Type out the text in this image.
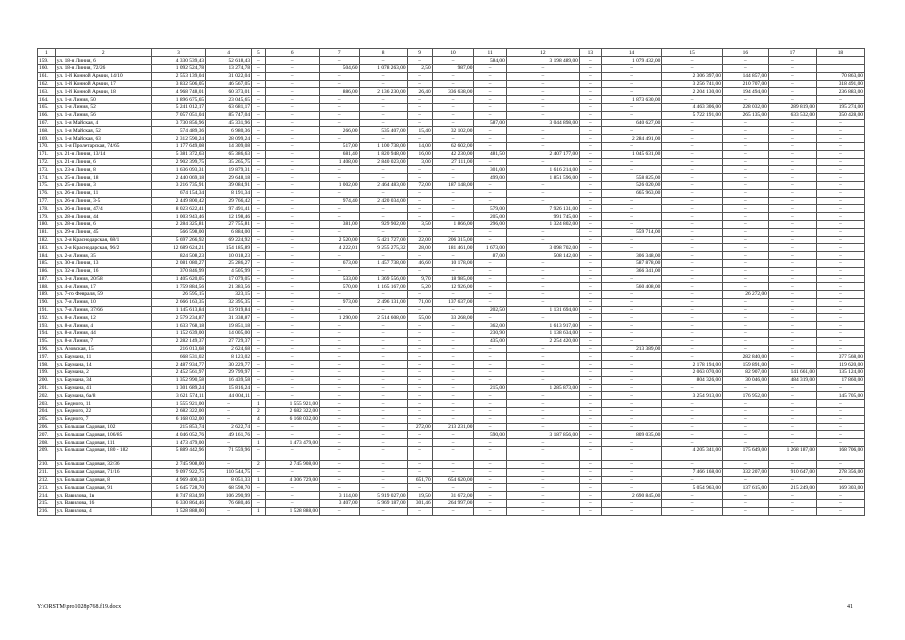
1	2	3	4	5	6	7	8	9	10	11	12	13	14	15	16	17	18
159.	ул. 18-я Линия, 6	4 330 539,43	52 618,43	–	–	–	–	–	–	584,00	3 198 489,00	–	1 079 432,00	–	–	–	
160.	ул. 18-я Линия, 72/26	1 092 524,78	13 274,78	–	–	504,60	1 078 263,00	2,50	987,00	–	–	–	–	–	–	–	
161.	ул. 1-й Конной Армии, 14/10	2 553 139,04	31 022,04	–	–	–	–	–	–	–	–	–	–	2 306 397,00	144 857,00	–	70 863,00
162.	ул. 1-й Конной Армии, 17	3 832 506,05	46 567,05	–	–	–	–	–	–	–	–	–	–	3 256 741,00	210 707,00	–	318 491,00
163.	ул. 1-й Конной Армии, 18	4 968 748,01	60 373,01	–	–	886,00	2 136 230,00	26,40	336 638,00	–	–	–	–	2 204 130,00	194 494,00	–	236 883,00
164.	ул. 1-я Линия, 50	1 896 675,65	23 045,65	–	–	–	–	–	–	–	–	–	1 873 630,00	–	–	–	–
165.	ул. 1-я Линия, 52	5 241 012,17	63 681,17	–	–	–	–	–	–	–	–	–	–	4 463 306,00	228 032,00	289 819,00	195 274,00
166.	ул. 1-я Линия, 56	7 057 051,04	85 747,04	–	–	–	–	–	–	–	–	–	–	5 722 191,00	265 135,00	633 532,00	350 428,00
167.	ул. 1-я Майская, 4	3 730 856,96	45 331,96	–	–	–	–	–	–	587,00	3 044 898,00	–	640 627,00	–	–	–	–
168.	ул. 1-я Майская, 52	574 489,36	6 980,36	–	–	266,00	535 407,00	15,40	32 102,00	–	–	–	–	–	–	–	–
169.	ул. 1-я Майская, 63	2 312 590,24	28 099,24	–	–	–	–	–	–	–	–	–	2 284 491,00	–	–	–	–
170.	ул. 1-я Пролетарская, 74/65	1 177 649,08	14 309,08	–	–	517,00	1 100 738,00	14,00	62 602,00	–	–	–	–	–	–	–	–
171.	ул. 21-я Линия, 13/14	5 381 372,63	65 386,63	–	–	681,40	1 820 948,00	16,00	42 230,00	481,50	2 407 177,00	–	1 045 631,00	–	–	–	–
172.	ул. 21-я Линия, 6	2 902 399,75	35 265,75	–	–	1 408,00	2 840 023,00	3,00	27 111,00	–	–	–	–	–	–	–	–
173.	ул. 23-я Линия, 8	1 636 093,31	19 879,31	–	–	–	–	–	–	301,00	1 616 214,00	–	–	–	–	–	–
174.	ул. 25-я Линия, 18	2 440 069,18	29 648,18	–	–	–	–	–	–	499,00	1 851 596,00	–	558 825,00	–	–	–	–
175.	ул. 25-я Линия, 3	3 216 735,91	39 084,91	–	–	1 002,00	2 464 483,00	72,00	187 148,00	–	–	–	526 020,00	–	–	–	–
176.	ул. 26-я Линия, 11	674 154,34	8 191,34	–	–	–	–	–	–	–	–	–	665 963,00	–	–	–	–
177.	ул. 26-я Линия, 3-5	2 449 800,42	29 766,42	–	–	974,40	2 420 034,00	–	–	–	–	–	–	–	–	–	–
178.	ул. 26-я Линия, 47/4	8 023 622,41	97 491,41	–	–	–	–	–	–	579,00	7 926 131,00	–	–	–	–	–	–
179.	ул. 28-я Линия, 44	1 003 943,46	12 198,46	–	–	–	–	–	–	205,00	991 745,00	–	–	–	–	–	–
180.	ул. 28-я Линия, 6	2 284 325,81	27 755,81	–	–	381,00	929 902,00	3,50	1 866,00	296,00	1 324 802,00	–	–	–	–	–	–
181.	ул. 29-я Линия, 45	566 598,00	6 884,00	–	–	–	–	–	–	–	–	–	559 714,00	–	–	–	–
182.	ул. 2-я Краснодарская, 68/1	5 697 266,92	69 224,92	–	–	2 520,00	5 421 727,00	22,00	206 315,00	–	–	–	–	–	–	–	–
183.	ул. 2-я Краснодарская, 96/2	12 689 624,21	154 185,89	–	–	4 222,01	9 255 275,32	28,00	181 461,00	1 673,00	3 098 702,00	–	–	–	–	–	–
184.	ул. 2-я Линия, 35	824 508,23	10 018,23	–	–	–	–	–	–	87,00	508 142,00	–	306 348,00	–	–	–	–
185.	ул. 30-я Линия, 13	2 081 080,27	25 286,27	–	–	673,00	1 457 738,00	46,60	10 178,00	–	–	–	587 878,00	–	–	–	–
186.	ул. 32-я Линия, 16	370 846,99	4 505,99	–	–	–	–	–	–	–	–	–	366 341,00	–	–	–	–
187.	ул. 3-я Линия, 20/58	1 405 620,05	17 079,05	–	–	533,00	1 369 556,00	9,70	18 985,00	–	–	–	–	–	–	–	–
188.	ул. 4-я Линия, 17	1 759 884,56	21 383,56	–	–	570,00	1 165 167,00	5,20	12 926,00	–	–	–	560 408,00	–	–	–	–
189.	ул. 7-го Февраля, 59	26 595,15	323,15	–	–	–	–	–	–	–	–	–	–	–	26 272,00	–	–
190.	ул. 7-я Линия, 10	2 666 163,35	32 395,35	–	–	973,00	2 496 131,00	71,00	137 637,00	–	–	–	–	–	–	–	–
191.	ул. 7-я Линия, 37/66	1 145 613,84	13 919,84	–	–	–	–	–	–	202,50	1 131 694,00	–	–	–	–	–	–
192.	ул. 8-я Линия, 12	2 579 234,87	31 338,87	–	–	1 290,00	2 514 608,00	55,00	33 268,00	–	–	–	–	–	–	–	–
193.	ул. 8-я Линия, 4	1 633 768,18	19 851,18	–	–	–	–	–	–	362,00	1 613 917,00	–	–	–	–	–	–
194.	ул. 8-я Линия, 44	1 152 639,00	14 005,00	–	–	–	–	–	–	230,90	1 138 634,00	–	–	–	–	–	–
195.	ул. 8-я Линия, 7	2 282 149,37	27 729,37	–	–	–	–	–	–	435,00	2 254 420,00	–	–	–	–	–	–
196.	ул. Азовская, 15	216 013,68	2 624,68	–	–	–	–	–	–	–	–	–	213 389,00	–	–	–	–
197.	ул. Баумана, 11	668 531,02	8 123,02	–	–	–	–	–	–	–	–	–	–	–	282 840,00	–	377 568,00
198.	ул. Баумана, 14	2 487 934,77	30 229,77	–	–	–	–	–	–	–	–	–	–	2 178 194,00	159 891,00	–	119 620,00
199.	ул. Баумана, 2	2 452 561,97	29 799,97	–	–	–	–	–	–	–	–	–	–	2 063 070,00	82 907,00	141 661,00	135 124,00
200.	ул. Баумана, 34	1 352 990,58	16 439,58	–	–	–	–	–	–	–	–	–	–	804 326,00	30 046,00	484 319,00	17 860,00
201.	ул. Баумана, 41	1 301 689,24	15 816,24	–	–	–	–	–	–	215,00	1 285 873,00	–	–	–	–	–	–
202.	ул. Баумана, 6а/8	3 621 574,11	44 004,11	–	–	–	–	–	–	–	–	–	–	3 254 913,00	176 952,00	–	145 705,00
203.	ул. Бедного, 11	1 555 921,00	–	1	1 555 921,00	–	–	–	–	–	–	–	–	–	–	–	–
204.	ул. Бедного, 22	2 682 322,00	–	2	2 682 322,00	–	–	–	–	–	–	–	–	–	–	–	–
205.	ул. Бедного, 7	6 168 032,00	–	4	6 168 032,00	–	–	–	–	–	–	–	–	–	–	–	–
206.	ул. Большая Садовая, 102	215 853,74	2 622,74	–	–	–	–	272,00	213 231,00	–	–	–	–	–	–	–	–
207.	ул. Большая Садовая, 106/85	4 046 052,76	49 161,76	–	–	–	–	–	–	590,00	3 187 856,00	–	809 035,00	–	–	–	–
208.	ул. Большая Садовая, 111	1 473 479,00	–	1	1 473 479,00	–	–	–	–	–	–	–	–	–	–	–	–
209.	ул. Большая Садовая, 180 - 182	5 889 442,96	71 559,96	–	–	–	–	–	–	–	–	–	–	4 205 341,00	175 649,00	1 268 187,00	168 706,00
210.	ул. Большая Садовая, 32/36	2 745 908,00	–	2	2 745 908,00	–	–	–	–	–	–	–	–	–	–	–	–
211.	ул. Большая Садовая, 71/16	9 097 922,75	110 544,75	–	–	–	–	–	–	–	–	–	–	7 466 168,00	332 207,00	910 647,00	278 356,00
212.	ул. Большая Садовая, 8	4 969 400,33	8 051,33	1	4 306 729,00	–	–	651,70	654 620,00	–	–	–	–	–	–	–	–
213.	ул. Большая Садовая, 91	5 645 728,70	68 598,70	–	–	–	–	–	–	–	–	–	–	5 054 963,00	137 615,00	215 249,00	169 303,00
214.	ул. Вавилова, 1в	8 747 834,99	106 290,99	–	–	3 114,00	5 919 027,00	19,50	31 672,00	–	–	–	2 690 845,00	–	–	–	–
215.	ул. Вавилова, 16	6 330 864,46	76 680,46	–	–	3 407,00	5 969 187,00	301,46	264 997,00	–	–	–	–	–	–	–	–
216.	ул. Вавилова, 4	1 528 888,00	–	1	1 528 888,00	–	–	–	–	–	–	–	–	–	–	–	–
Y:\ORSTM\pro1028p768.f19.docx	41
